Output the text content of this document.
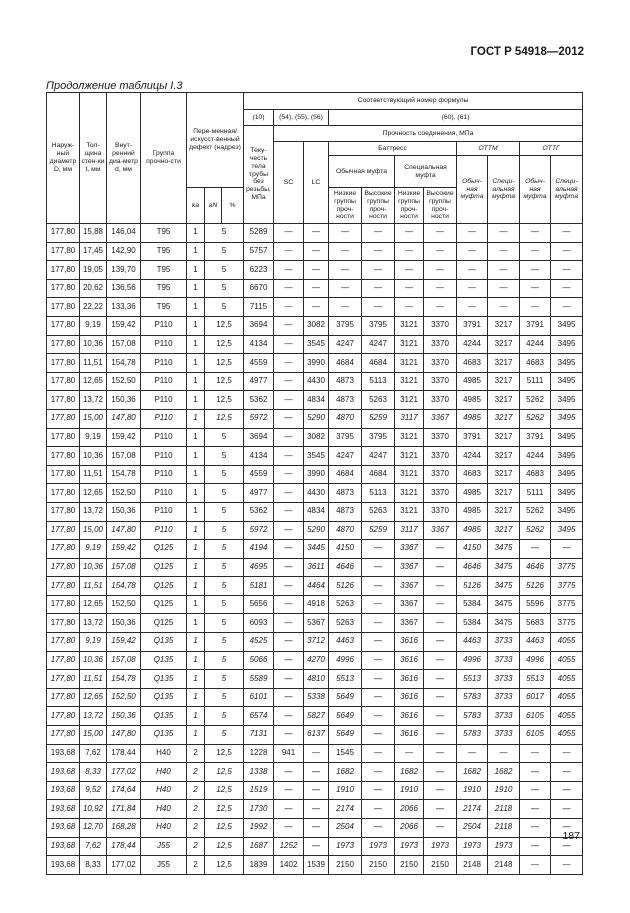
ГОСТ Р 54918—2012
Продолжение таблицы I.3
Наруж-ный диаметр D, мм	Тол-щина стен-ки t, мм	Внут-ренний диа-метр d, мм	Группа прочно-сти	Пере-менная/ искусст-венный дефект (надрез)			Соответствующий номер формулы										
							(10)	(54), (55), (56)		(60), (61)							
							Теку-честь тела трубы без резьбы, МПа	Прочность соединения, МПа									
								SC	LC	Баттресс				ОТТМ		ОТТГ	
										Обычная муфта		Специальная муфта		Обыч-ная муфта	Специ-альная муфта	Обыч-ная муфта	Специ-альная муфта
				kа	aN	%				Низкие группы проч-ности	Высокие группы проч-ности	Низкие группы проч-ности	Высокие группы проч-ности				
177,80	15,88	146,04	T95	1	5		5289	—	—	—	—	—	—	—	—	—	—
177,80	17,45	142,90	T95	1	5		5757	—	—	—	—	—	—	—	—	—	—
177,80	19,05	139,70	T95	1	5		6223	—	—	—	—	—	—	—	—	—	—
177,80	20,62	136,56	T95	1	5		6670	—	—	—	—	—	—	—	—	—	—
177,80	22,22	133,36	T95	1	5		7115	—	—	—	—	—	—	—	—	—	—
177,80	9,19	159,42	P110	1	12,5		3694	—	3082	3795	3795	3121	3370	3791	3217	3791	3495
177,80	10,36	157,08	P110	1	12,5		4134	—	3545	4247	4247	3121	3370	4244	3217	4244	3495
177,80	11,51	154,78	P110	1	12,5		4559	—	3990	4684	4684	3121	3370	4683	3217	4683	3495
177,80	12,65	152,50	P110	1	12,5		4977	—	4430	4873	5113	3121	3370	4985	3217	5111	3495
177,80	13,72	150,36	P110	1	12,5		5362	—	4834	4873	5263	3121	3370	4985	3217	5262	3495
177,80	15,00	147,80	P110	1	12,5		5972	—	5290	4870	5259	3117	3367	4985	3217	5262	3495
177,80	9,19	159,42	P110	1	5		3694	—	3082	3795	3795	3121	3370	3791	3217	3791	3495
177,80	10,36	157,08	P110	1	5		4134	—	3545	4247	4247	3121	3370	4244	3217	4244	3495
177,80	11,51	154,78	P110	1	5		4559	—	3990	4684	4684	3121	3370	4683	3217	4683	3495
177,80	12,65	152,50	P110	1	5		4977	—	4430	4873	5113	3121	3370	4985	3217	5111	3495
177,80	13,72	150,36	P110	1	5		5362	—	4834	4873	5263	3121	3370	4985	3217	5262	3495
177,80	15,00	147,80	P110	1	5		5972	—	5290	4870	5259	3117	3367	4985	3217	5262	3495
177,80	9,19	159,42	Q125	1	5		4194	—	3445	4150	—	3367	—	4150	3475	—	—
177,80	10,36	157,08	Q125	1	5		4695	—	3611	4646	—	3367	—	4646	3475	4646	3775
177,80	11,51	154,78	Q125	1	5		5181	—	4464	5126	—	3367	—	5126	3475	5126	3775
177,80	12,65	152,50	Q125	1	5		5656	—	4918	5263	—	3367	—	5384	3475	5596	3775
177,80	13,72	150,36	Q125	1	5		6093	—	5367	5263	—	3367	—	5384	3475	5683	3775
177,80	9,19	159,42	Q135	1	5		4525	—	3712	4463	—	3616	—	4463	3733	4463	4055
177,80	10,36	157,08	Q135	1	5		5066	—	4270	4996	—	3616	—	4996	3733	4996	4055
177,80	11,51	154,78	Q135	1	5		5589	—	4810	5513	—	3616	—	5513	3733	5513	4055
177,80	12,65	152,50	Q135	1	5		6101	—	5338	5649	—	3616	—	5783	3733	6017	4055
177,80	13,72	150,36	Q135	1	5		6574	—	5827	5649	—	3616	—	5783	3733	6105	4055
177,80	15,00	147,80	Q135	1	5		7131	—	6137	5649	—	3616	—	5783	3733	6105	4055
193,68	7,62	178,44	H40	2	12,5		1228	941	—	1545	—	—	—	—	—	—	—
193,68	8,33	177,02	H40	2	12,5		1338	—	—	1682	—	1682	—	1682	1682	—	—
193,68	9,52	174,64	H40	2	12,5		1519	—	—	1910	—	1910	—	1910	1910	—	—
193,68	10,92	171,84	H40	2	12,5		1730	—	—	2174	—	2066	—	2174	2118	—	—
193,68	12,70	168,28	H40	2	12,5		1992	—	—	2504	—	2066	—	2504	2118	—	—
193,68	7,62	178,44	J55	2	12,5		1687	1252	—	1973	1973	1973	1973	1973	1973	—	—
193,68	8,33	177,02	J55	2	12,5		1839	1402	1539	2150	2150	2150	2150	2148	2148	—	—
187
